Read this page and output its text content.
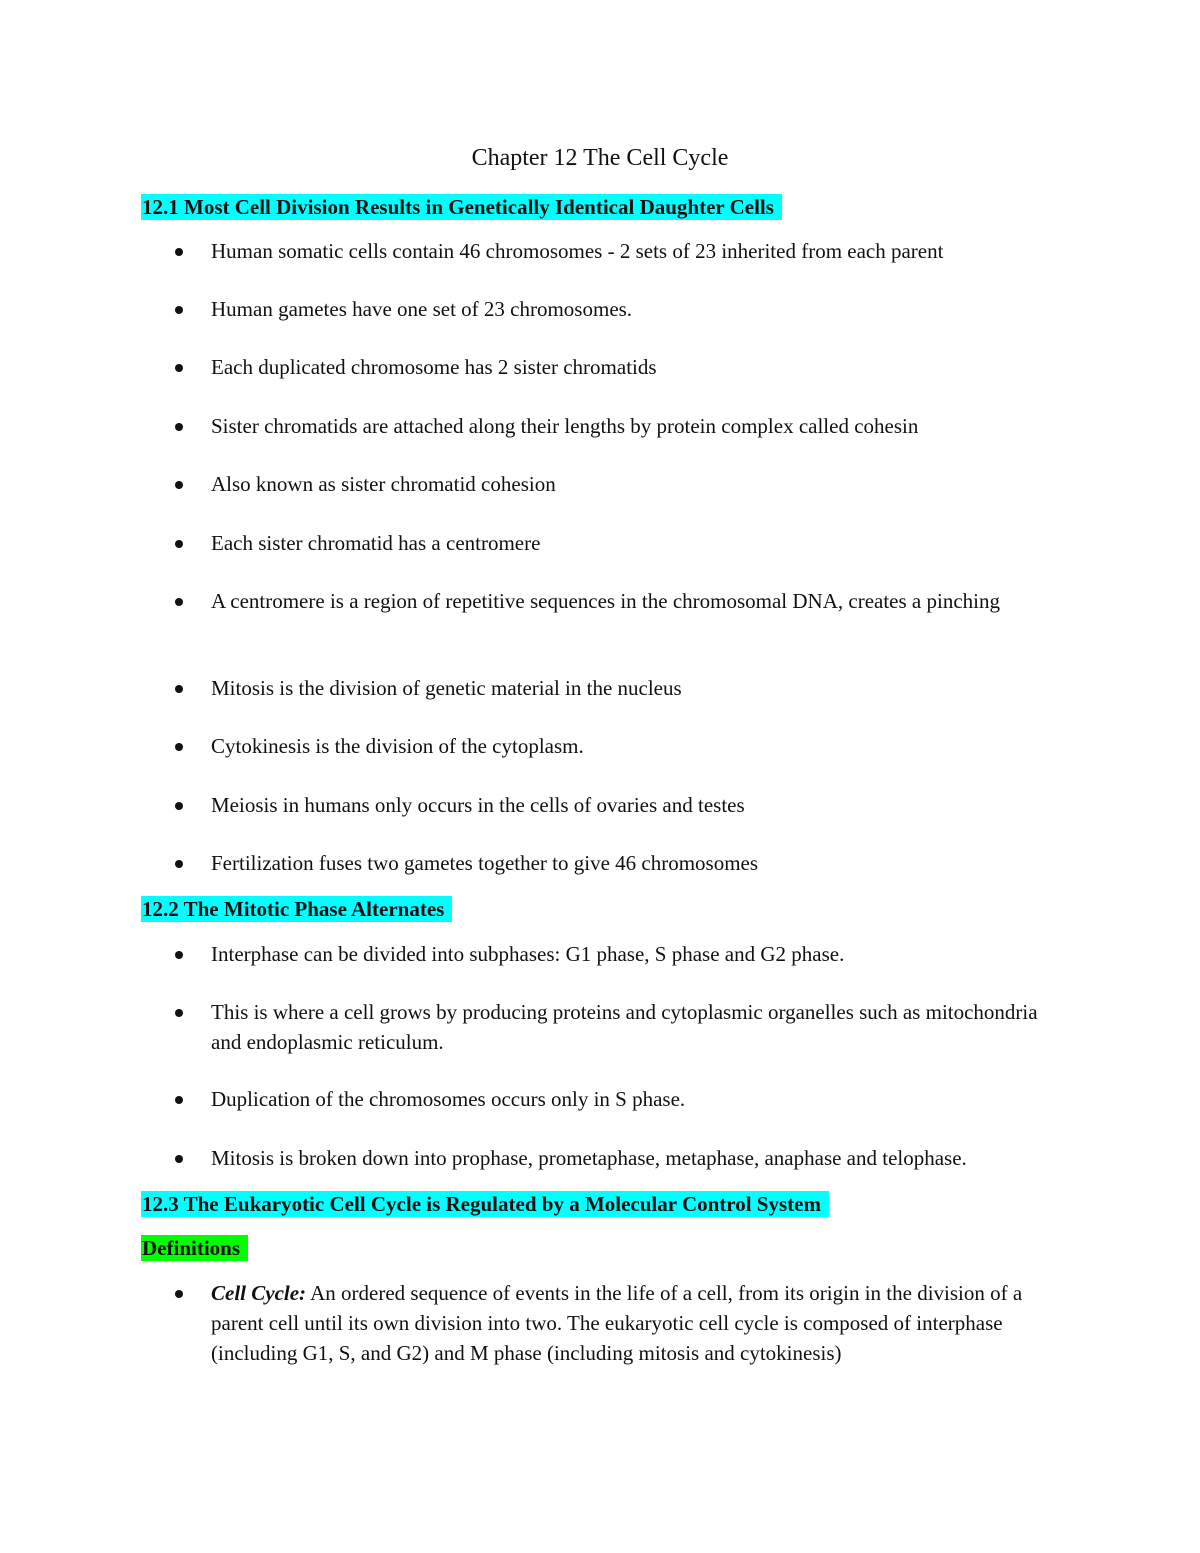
Chapter 12 The Cell Cycle
12.1 Most Cell Division Results in Genetically Identical Daughter Cells
Human somatic cells contain 46 chromosomes - 2 sets of 23 inherited from each parent
Human gametes have one set of 23 chromosomes.
Each duplicated chromosome has 2 sister chromatids
Sister chromatids are attached along their lengths by protein complex called cohesin
Also known as sister chromatid cohesion
Each sister chromatid has a centromere
A centromere is a region of repetitive sequences in the chromosomal DNA, creates a pinching
Mitosis is the division of genetic material in the nucleus
Cytokinesis is the division of the cytoplasm.
Meiosis in humans only occurs in the cells of ovaries and testes
Fertilization fuses two gametes together to give 46 chromosomes
12.2 The Mitotic Phase Alternates
Interphase can be divided into subphases: G1 phase, S phase and G2 phase.
This is where a cell grows by producing proteins and cytoplasmic organelles such as mitochondria and endoplasmic reticulum.
Duplication of the chromosomes occurs only in S phase.
Mitosis is broken down into prophase, prometaphase, metaphase, anaphase and telophase.
12.3 The Eukaryotic Cell Cycle is Regulated by a Molecular Control System
Definitions
Cell Cycle: An ordered sequence of events in the life of a cell, from its origin in the division of a parent cell until its own division into two. The eukaryotic cell cycle is composed of interphase (including G1, S, and G2) and M phase (including mitosis and cytokinesis)
